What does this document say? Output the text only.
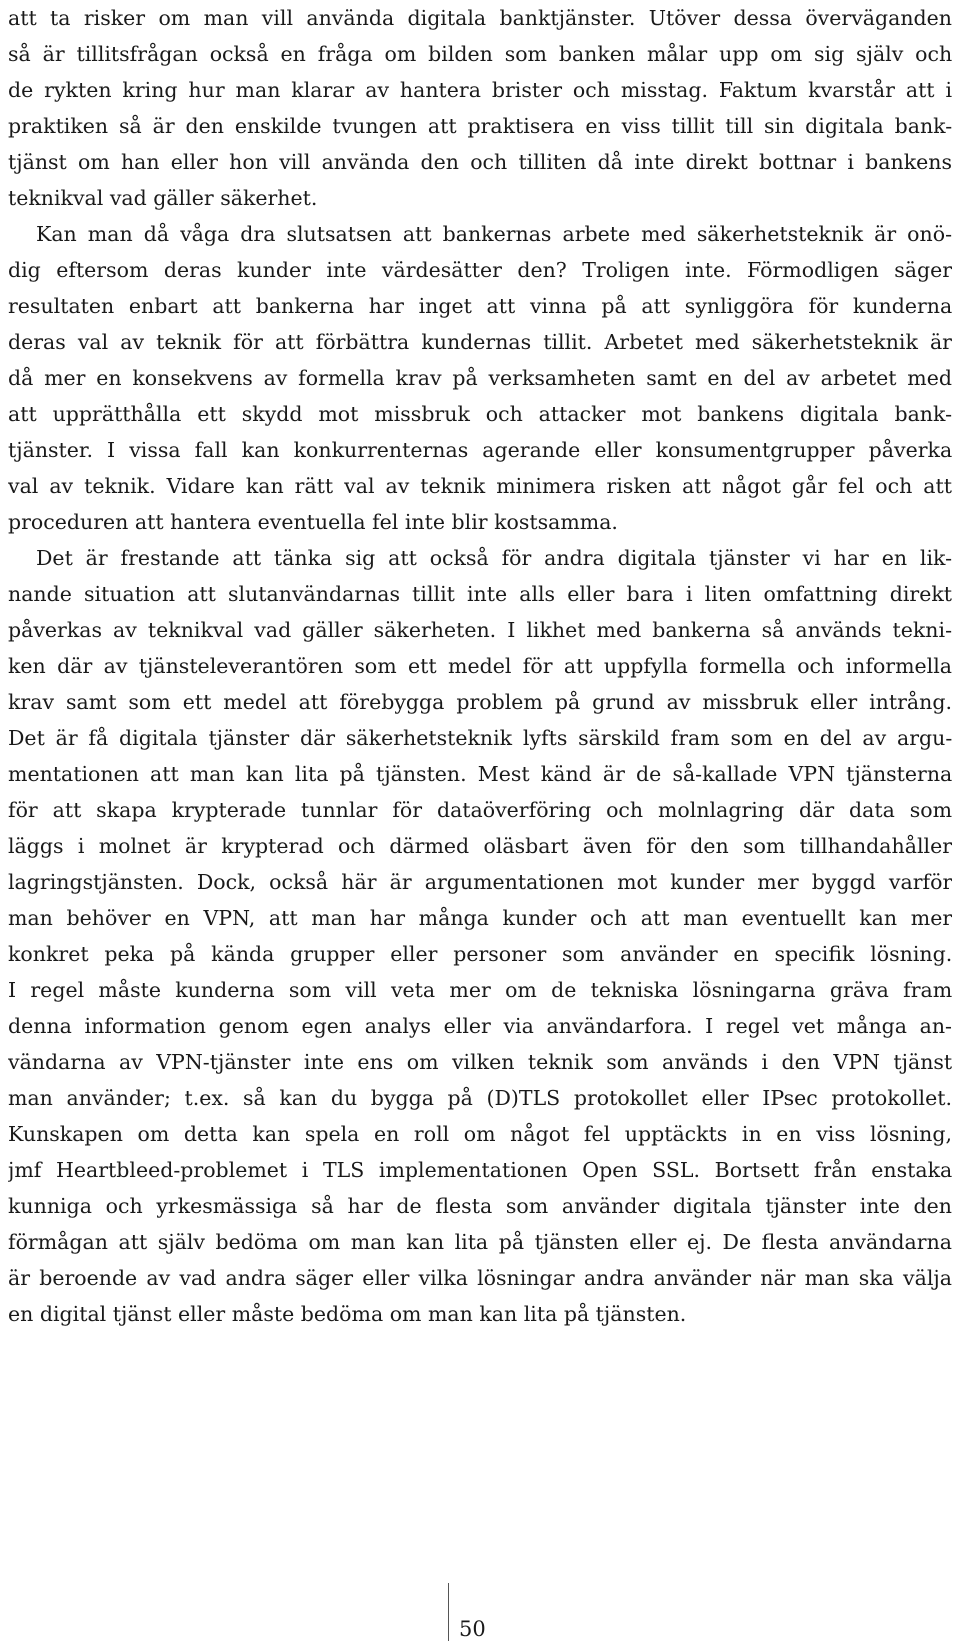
att ta risker om man vill använda digitala banktjänster. Utöver dessa överväganden
så är tillitsfrågan också en fråga om bilden som banken målar upp om sig själv och
de rykten kring hur man klarar av hantera brister och misstag. Faktum kvarstår att i
praktiken så är den enskilde tvungen att praktisera en viss tillit till sin digitala bank-
tjänst om han eller hon vill använda den och tilliten då inte direkt bottnar i bankens
teknikval vad gäller säkerhet.
Kan man då våga dra slutsatsen att bankernas arbete med säkerhetsteknik är onö-
dig eftersom deras kunder inte värdesätter den? Troligen inte. Förmodligen säger
resultaten enbart att bankerna har inget att vinna på att synliggöra för kunderna
deras val av teknik för att förbättra kundernas tillit. Arbetet med säkerhetsteknik är
då mer en konsekvens av formella krav på verksamheten samt en del av arbetet med
att upprätthålla ett skydd mot missbruk och attacker mot bankens digitala bank-
tjänster. I vissa fall kan konkurrenternas agerande eller konsumentgrupper påverka
val av teknik. Vidare kan rätt val av teknik minimera risken att något går fel och att
proceduren att hantera eventuella fel inte blir kostsamma.
Det är frestande att tänka sig att också för andra digitala tjänster vi har en lik-
nande situation att slutanvändarnas tillit inte alls eller bara i liten omfattning direkt
påverkas av teknikval vad gäller säkerheten. I likhet med bankerna så används tekni-
ken där av tjänsteleverantören som ett medel för att uppfylla formella och informella
krav samt som ett medel att förebygga problem på grund av missbruk eller intrång.
Det är få digitala tjänster där säkerhetsteknik lyfts särskild fram som en del av argu-
mentationen att man kan lita på tjänsten. Mest känd är de så-kallade VPN tjänsterna
för att skapa krypterade tunnlar för dataöverföring och molnlagring där data som
läggs i molnet är krypterad och därmed oläsbart även för den som tillhandahåller
lagringstjänsten. Dock, också här är argumentationen mot kunder mer byggd varför
man behöver en VPN, att man har många kunder och att man eventuellt kan mer
konkret peka på kända grupper eller personer som använder en specifik lösning.
I regel måste kunderna som vill veta mer om de tekniska lösningarna gräva fram
denna information genom egen analys eller via användarfora. I regel vet många an-
vändarna av VPN-tjänster inte ens om vilken teknik som används i den VPN tjänst
man använder; t.ex. så kan du bygga på (D)TLS protokollet eller IPsec protokollet.
Kunskapen om detta kan spela en roll om något fel upptäckts in en viss lösning,
jmf Heartbleed-problemet i TLS implementationen Open SSL. Bortsett från enstaka
kunniga och yrkesmässiga så har de flesta som använder digitala tjänster inte den
förmågan att själv bedöma om man kan lita på tjänsten eller ej. De flesta användarna
är beroende av vad andra säger eller vilka lösningar andra använder när man ska välja
en digital tjänst eller måste bedöma om man kan lita på tjänsten.
50
